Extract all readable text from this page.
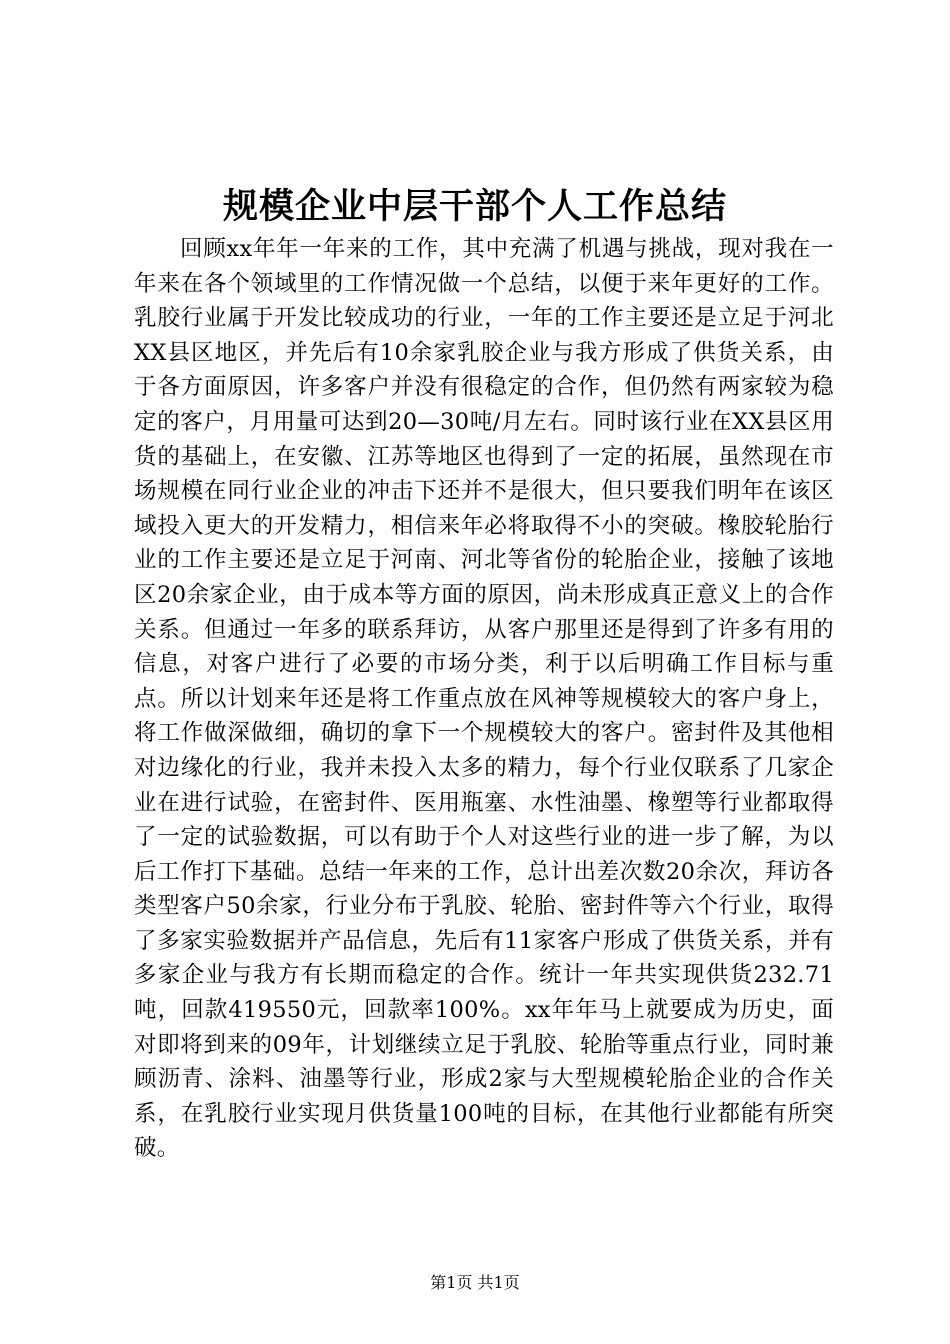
规模企业中层干部个人工作总结

回顾xx年年一年来的工作，其中充满了机遇与挑战，现对我在一年来在各个领域里的工作情况做一个总结，以便于来年更好的工作。乳胶行业属于开发比较成功的行业，一年的工作主要还是立足于河北XX县区地区，并先后有10余家乳胶企业与我方形成了供货关系，由于各方面原因，许多客户并没有很稳定的合作，但仍然有两家较为稳定的客户，月用量可达到20—30吨/月左右。同时该行业在XX县区用货的基础上，在安徽、江苏等地区也得到了一定的拓展，虽然现在市场规模在同行业企业的冲击下还并不是很大，但只要我们明年在该区域投入更大的开发精力，相信来年必将取得不小的突破。橡胶轮胎行业的工作主要还是立足于河南、河北等省份的轮胎企业，接触了该地区20余家企业，由于成本等方面的原因，尚未形成真正意义上的合作关系。但通过一年多的联系拜访，从客户那里还是得到了许多有用的信息，对客户进行了必要的市场分类，利于以后明确工作目标与重点。所以计划来年还是将工作重点放在风神等规模较大的客户身上，将工作做深做细，确切的拿下一个规模较大的客户。密封件及其他相对边缘化的行业，我并未投入太多的精力，每个行业仅联系了几家企业在进行试验，在密封件、医用瓶塞、水性油墨、橡塑等行业都取得了一定的试验数据，可以有助于个人对这些行业的进一步了解，为以后工作打下基础。总结一年来的工作，总计出差次数20余次，拜访各类型客户50余家，行业分布于乳胶、轮胎、密封件等六个行业，取得了多家实验数据并产品信息，先后有11家客户形成了供货关系，并有多家企业与我方有长期而稳定的合作。统计一年共实现供货232.71吨，回款419550元，回款率100%。xx年年马上就要成为历史，面对即将到来的09年，计划继续立足于乳胶、轮胎等重点行业，同时兼顾沥青、涂料、油墨等行业，形成2家与大型规模轮胎企业的合作关系，在乳胶行业实现月供货量100吨的目标，在其他行业都能有所突破。

第1页 共1页
